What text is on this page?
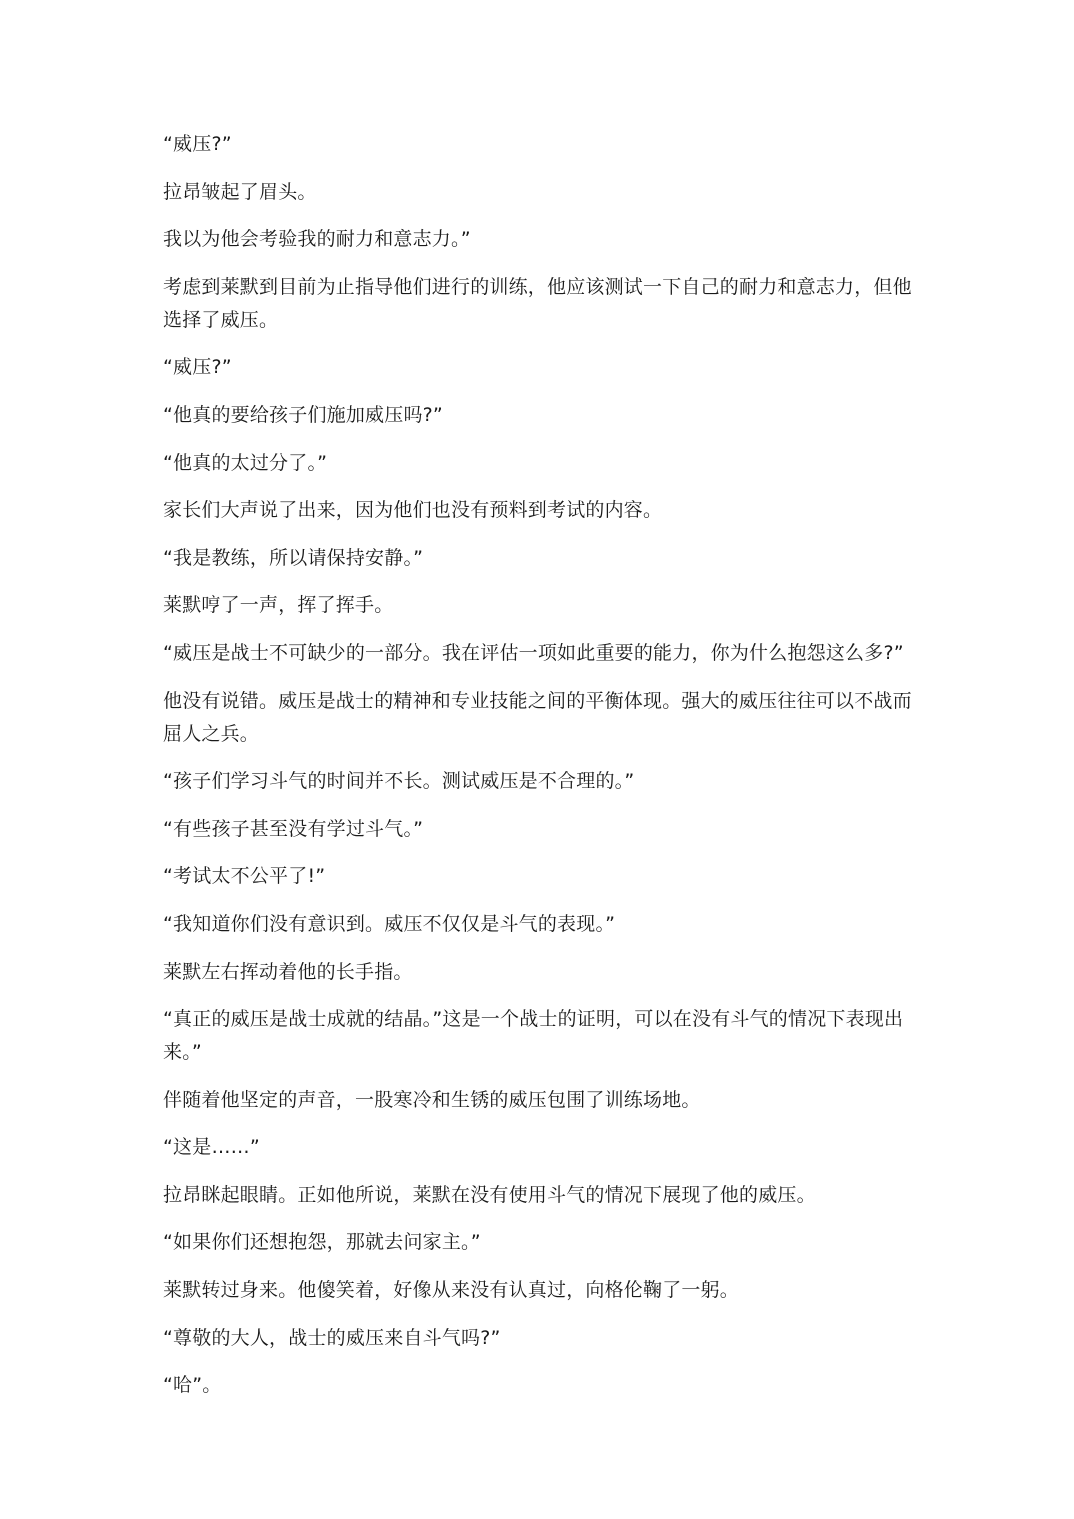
“威压?”

拉昂皱起了眉头。

我以为他会考验我的耐力和意志力。”

考虑到莱默到目前为止指导他们进行的训练，他应该测试一下自己的耐力和意志力，但他选择了威压。

“威压?”

“他真的要给孩子们施加威压吗?”

“他真的太过分了。”

家长们大声说了出来，因为他们也没有预料到考试的内容。

“我是教练，所以请保持安静。”

莱默哼了一声，挥了挥手。

“威压是战士不可缺少的一部分。我在评估一项如此重要的能力，你为什么抱怨这么多?”

他没有说错。威压是战士的精神和专业技能之间的平衡体现。强大的威压往往可以不战而屈人之兵。

“孩子们学习斗气的时间并不长。测试威压是不合理的。”

“有些孩子甚至没有学过斗气。”

“考试太不公平了!”

“我知道你们没有意识到。威压不仅仅是斗气的表现。”

莱默左右挥动着他的长手指。

“真正的威压是战士成就的结晶。”这是一个战士的证明，可以在没有斗气的情况下表现出来。”

伴随着他坚定的声音，一股寒冷和生锈的威压包围了训练场地。

“这是……”

拉昂眯起眼睛。正如他所说，莱默在没有使用斗气的情况下展现了他的威压。

“如果你们还想抱怨，那就去问家主。”

莱默转过身来。他傻笑着，好像从来没有认真过，向格伦鞠了一躬。

“尊敬的大人，战士的威压来自斗气吗?”

“哈”。
